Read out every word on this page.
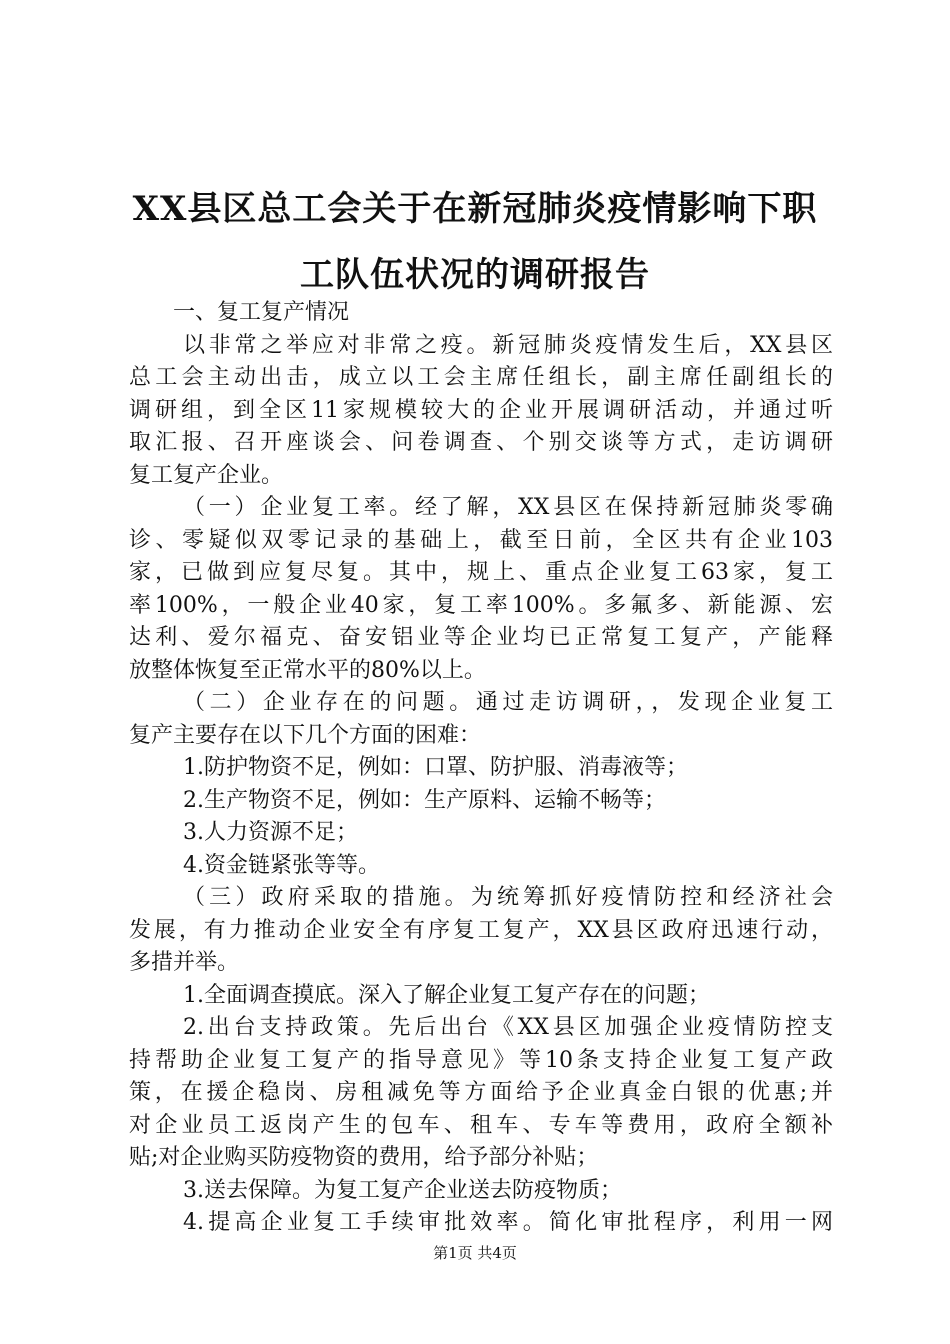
XX县区总工会关于在新冠肺炎疫情影响下职
工队伍状况的调研报告
一、复工复产情况
以非常之举应对非常之疫。新冠肺炎疫情发生后，XX县区
总工会主动出击，成立以工会主席任组长，副主席任副组长的
调研组，到全区11家规模较大的企业开展调研活动，并通过听
取汇报、召开座谈会、问卷调查、个别交谈等方式，走访调研
复工复产企业。
（一）企业复工率。经了解，XX县区在保持新冠肺炎零确
诊、零疑似双零记录的基础上，截至日前，全区共有企业103
家，已做到应复尽复。其中，规上、重点企业复工63家，复工
率100%，一般企业40家，复工率100%。多氟多、新能源、宏
达利、爱尔福克、奋安铝业等企业均已正常复工复产，产能释
放整体恢复至正常水平的80%以上。
（二）企业存在的问题。通过走访调研，，发现企业复工
复产主要存在以下几个方面的困难：
1.防护物资不足，例如：口罩、防护服、消毒液等；
2.生产物资不足，例如：生产原料、运输不畅等；
3.人力资源不足；
4.资金链紧张等等。
（三）政府采取的措施。为统筹抓好疫情防控和经济社会
发展，有力推动企业安全有序复工复产，XX县区政府迅速行动，
多措并举。
1.全面调查摸底。深入了解企业复工复产存在的问题；
2.出台支持政策。先后出台《XX县区加强企业疫情防控支
持帮助企业复工复产的指导意见》等10条支持企业复工复产政
策，在援企稳岗、房租减免等方面给予企业真金白银的优惠;并
对企业员工返岗产生的包车、租车、专车等费用，政府全额补
贴;对企业购买防疫物资的费用，给予部分补贴；
3.送去保障。为复工复产企业送去防疫物质；
4.提高企业复工手续审批效率。简化审批程序，利用一网
第1页 共4页
